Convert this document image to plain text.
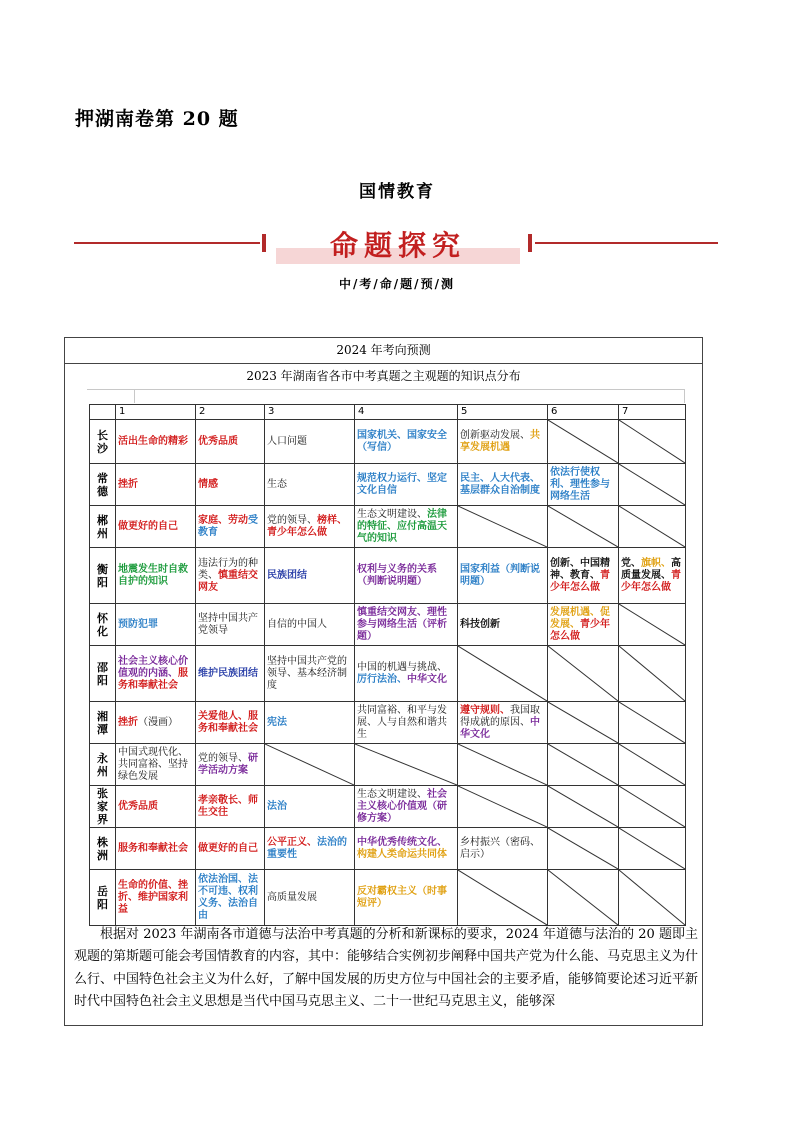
押湖南卷第 20 题
国情教育
命题探究
中/考/命/题/预/测
2024 年考向预测
2023 年湖南省各市中考真题之主观题的知识点分布
	1	2	3	4	5	6	7
长沙	活出生命的精彩	优秀品质	人口问题	国家机关、国家安全（写信）	创新驱动发展、共享发展机遇	

常德	挫折	情感	生态	规范权力运行、坚定文化自信	民主、人大代表、基层群众自治制度	依法行使权利、理性参与网络生活	

郴州	做更好的自己	家庭、劳动受教育	党的领导、榜样、青少年怎么做	生态文明建设、法律的特征、应付高温天气的知识	

衡阳	地震发生时自救自护的知识	违法行为的种类、慎重结交网友	民族团结	权利与义务的关系（判断说明题）	国家利益（判断说明题）	创新、中国精神、教育、青少年怎么做	党、旗帜、高质量发展、青少年怎么做
怀化	预防犯罪	坚持中国共产党领导	自信的中国人	慎重结交网友、理性参与网络生活（评析题）	科技创新	发展机遇、促发展、青少年怎么做	

邵阳	社会主义核心价值观的内涵、服务和奉献社会	维护民族团结	坚持中国共产党的领导、基本经济制度	中国的机遇与挑战、厉行法治、中华文化	

湘潭	挫折（漫画）	关爱他人、服务和奉献社会	宪法	共同富裕、和平与发展、人与自然和谐共生	遵守规则、我国取得成就的原因、中华文化	

永州	中国式现代化、共同富裕、坚持绿色发展	党的领导、研学活动方案	

张家界	优秀品质	孝亲敬长、师生交往	法治	生态文明建设、社会主义核心价值观（研修方案）	

株洲	服务和奉献社会	做更好的自己	公平正义、法治的重要性	中华优秀传统文化、构建人类命运共同体	乡村振兴（密码、启示）	

岳阳	生命的价值、挫折、维护国家利益	依法治国、法不可违、权利义务、法治自由	高质量发展	反对霸权主义（时事短评）	

根据对 2023 年湖南各市道德与法治中考真题的分析和新课标的要求，2024 年道德与法治的 20 题即主观题的第斯题可能会考国情教育的内容，其中：能够结合实例初步阐释中国共产党为什么能、马克思主义为什么行、中国特色社会主义为什么好，了解中国发展的历史方位与中国社会的主要矛盾，能够简要论述习近平新时代中国特色社会主义思想是当代中国马克思主义、二十一世纪马克思主义，能够深
